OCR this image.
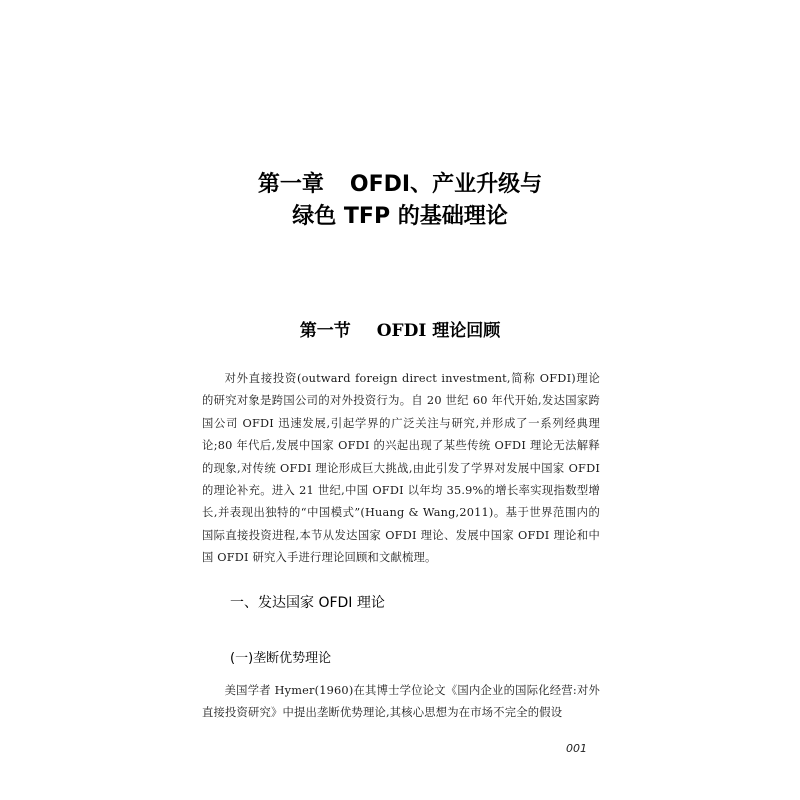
第一章 OFDI、产业升级与
绿色 TFP 的基础理论
第一节 OFDI 理论回顾

对外直接投资(outward foreign direct investment,简称 OFDI)理论的研究对象是跨国公司的对外投资行为。自 20 世纪 60 年代开始,发达国家跨国公司 OFDI 迅速发展,引起学界的广泛关注与研究,并形成了一系列经典理论;80 年代后,发展中国家 OFDI 的兴起出现了某些传统 OFDI 理论无法解释的现象,对传统 OFDI 理论形成巨大挑战,由此引发了学界对发展中国家 OFDI 的理论补充。进入 21 世纪,中国 OFDI 以年均 35.9%的增长率实现指数型增长,并表现出独特的“中国模式”(Huang & Wang,2011)。基于世界范围内的国际直接投资进程,本节从发达国家 OFDI 理论、发展中国家 OFDI 理论和中国 OFDI 研究入手进行理论回顾和文献梳理。

一、发达国家 OFDI 理论
(一)垄断优势理论

美国学者 Hymer(1960)在其博士学位论文《国内企业的国际化经营:对外直接投资研究》中提出垄断优势理论,其核心思想为在市场不完全的假设

001
